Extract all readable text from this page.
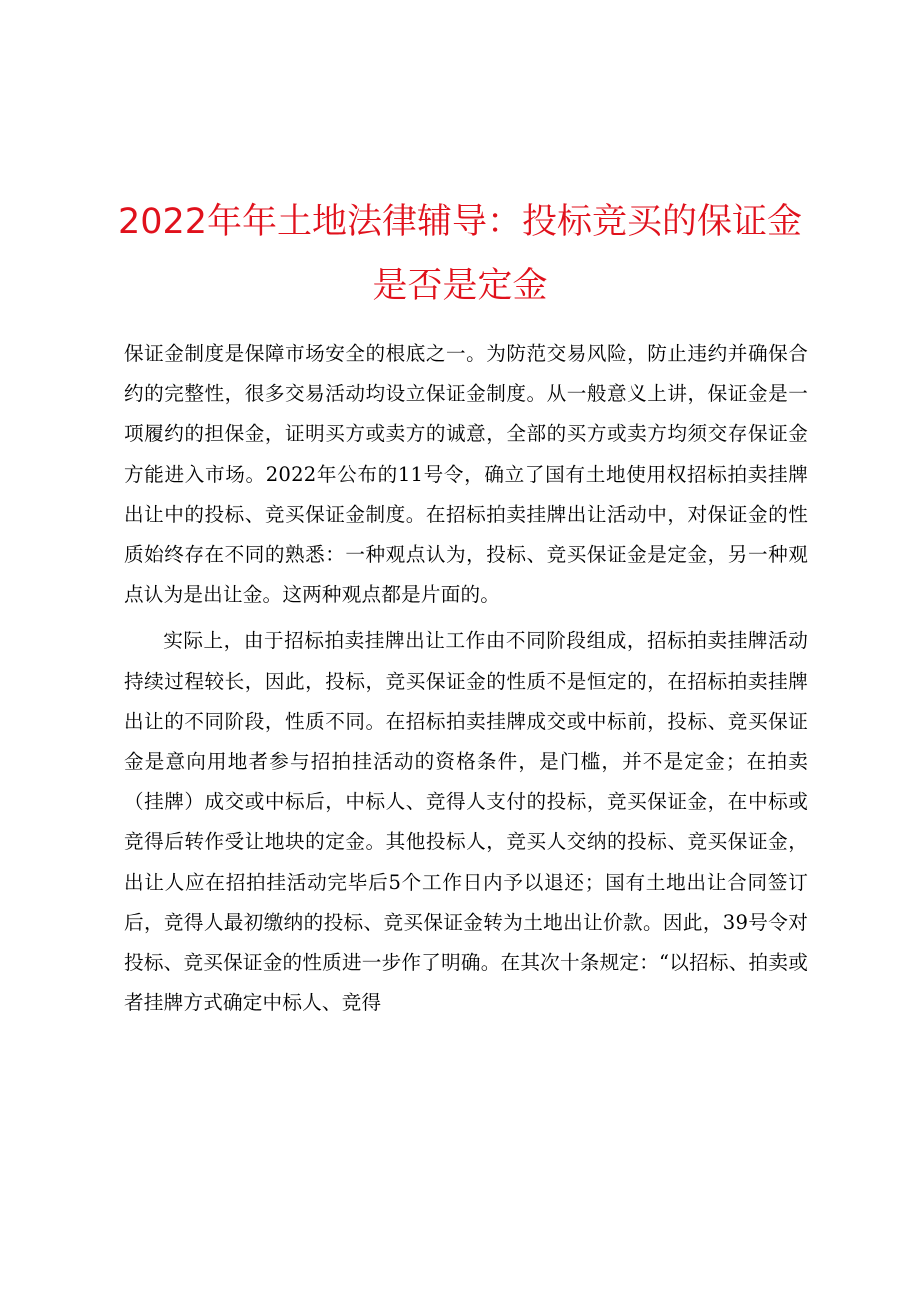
2022年年土地法律辅导：投标竞买的保证金是否是定金

保证金制度是保障市场安全的根底之一。为防范交易风险，防止违约并确保合约的完整性，很多交易活动均设立保证金制度。从一般意义上讲，保证金是一项履约的担保金，证明买方或卖方的诚意，全部的买方或卖方均须交存保证金方能进入市场。2022年公布的11号令，确立了国有土地使用权招标拍卖挂牌出让中的投标、竞买保证金制度。在招标拍卖挂牌出让活动中，对保证金的性质始终存在不同的熟悉：一种观点认为，投标、竞买保证金是定金，另一种观点认为是出让金。这两种观点都是片面的。

实际上，由于招标拍卖挂牌出让工作由不同阶段组成，招标拍卖挂牌活动持续过程较长，因此，投标，竞买保证金的性质不是恒定的，在招标拍卖挂牌出让的不同阶段，性质不同。在招标拍卖挂牌成交或中标前，投标、竞买保证金是意向用地者参与招拍挂活动的资格条件，是门槛，并不是定金；在拍卖（挂牌）成交或中标后，中标人、竞得人支付的投标，竞买保证金，在中标或竞得后转作受让地块的定金。其他投标人，竞买人交纳的投标、竞买保证金，出让人应在招拍挂活动完毕后5个工作日内予以退还；国有土地出让合同签订后，竞得人最初缴纳的投标、竞买保证金转为土地出让价款。因此，39号令对投标、竞买保证金的性质进一步作了明确。在其次十条规定：“以招标、拍卖或者挂牌方式确定中标人、竞得
